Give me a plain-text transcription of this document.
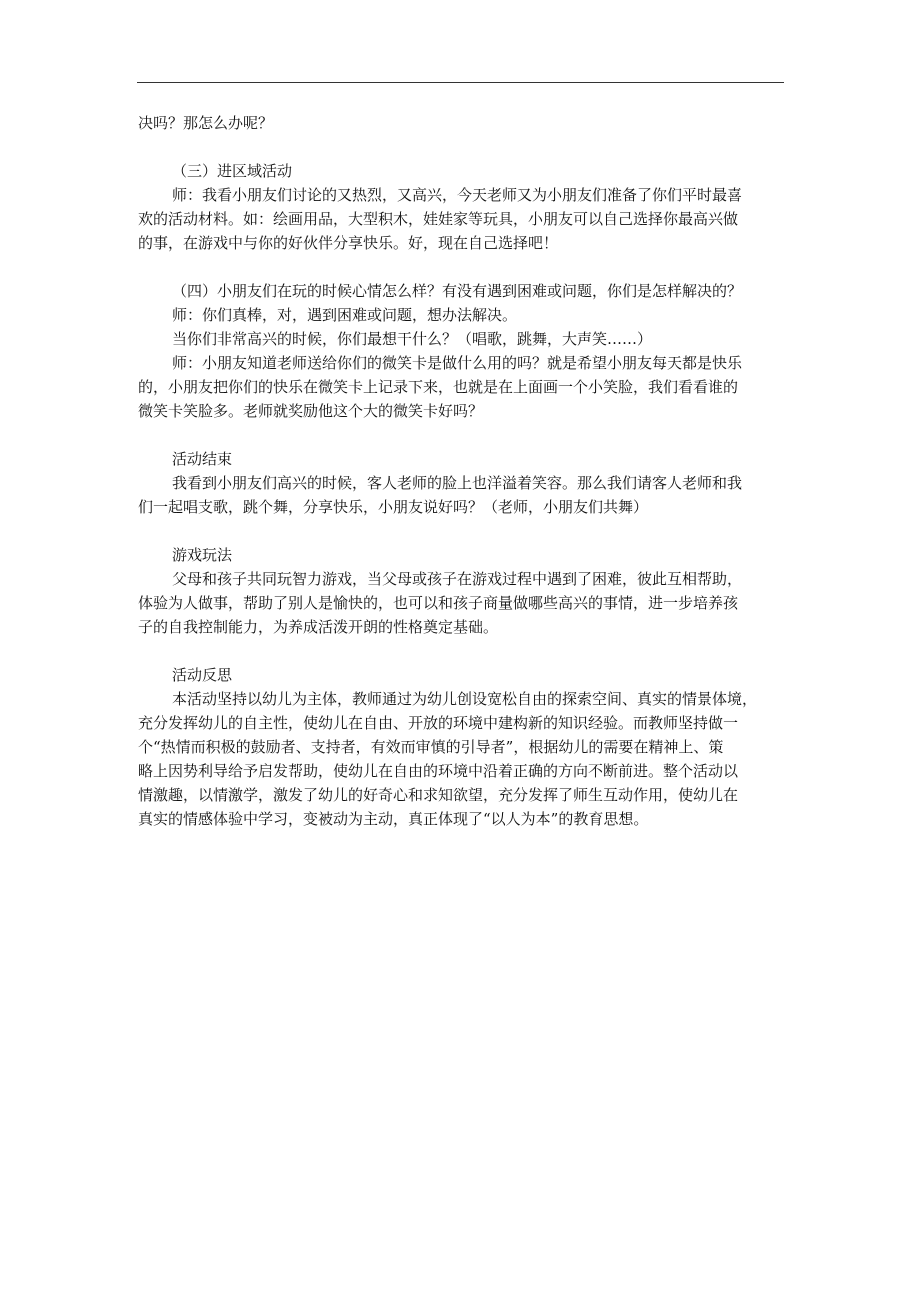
决吗？那怎么办呢？

（三）进区域活动

师：我看小朋友们讨论的又热烈，又高兴，今天老师又为小朋友们准备了你们平时最喜

欢的活动材料。如：绘画用品，大型积木，娃娃家等玩具，小朋友可以自己选择你最高兴做

的事，在游戏中与你的好伙伴分享快乐。好，现在自己选择吧！

（四）小朋友们在玩的时候心情怎么样？有没有遇到困难或问题，你们是怎样解决的？

师：你们真棒，对，遇到困难或问题，想办法解决。

当你们非常高兴的时候，你们最想干什么？（唱歌，跳舞，大声笑……）

师：小朋友知道老师送给你们的微笑卡是做什么用的吗？就是希望小朋友每天都是快乐

的，小朋友把你们的快乐在微笑卡上记录下来，也就是在上面画一个小笑脸，我们看看谁的

微笑卡笑脸多。老师就奖励他这个大的微笑卡好吗？

活动结束

我看到小朋友们高兴的时候，客人老师的脸上也洋溢着笑容。那么我们请客人老师和我

们一起唱支歌，跳个舞，分享快乐，小朋友说好吗？（老师，小朋友们共舞）

游戏玩法

父母和孩子共同玩智力游戏，当父母或孩子在游戏过程中遇到了困难，彼此互相帮助，

体验为人做事，帮助了别人是愉快的，也可以和孩子商量做哪些高兴的事情，进一步培养孩

子的自我控制能力，为养成活泼开朗的性格奠定基础。

活动反思

本活动坚持以幼儿为主体，教师通过为幼儿创设宽松自由的探索空间、真实的情景体境，

充分发挥幼儿的自主性，使幼儿在自由、开放的环境中建构新的知识经验。而教师坚持做一

个“热情而积极的鼓励者、支持者，有效而审慎的引导者”，根据幼儿的需要在精神上、策

略上因势利导给予启发帮助，使幼儿在自由的环境中沿着正确的方向不断前进。整个活动以

情激趣，以情激学，激发了幼儿的好奇心和求知欲望，充分发挥了师生互动作用，使幼儿在

真实的情感体验中学习，变被动为主动，真正体现了“以人为本”的教育思想。
